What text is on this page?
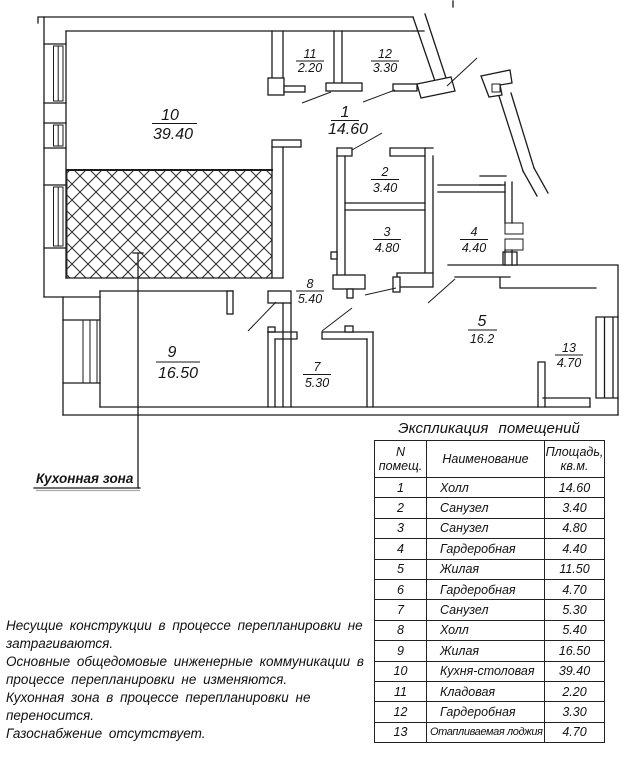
Кухонная зона
10
39.40
11
2.20
12
3.30
1
14.60
2
3.40
3
4.80
4
4.40
8
5.40
5
16.2
13
4.70
9
16.50	7
5.30
Экспликация помещений
N помещ.	Наименование	Площадь, кв.м.
1	Холл	14.60
2	Санузел	3.40
3	Санузел	4.80
4	Гардеробная	4.40
5	Жилая	11.50
6	Гардеробная	4.70
7	Санузел	5.30
8	Холл	5.40
9	Жилая	16.50
10	Кухня-столовая	39.40
11	Кладовая	2.20
12	Гардеробная	3.30
13	Отапливаемая лоджия	4.70

Несущие конструкции в процессе перепланировки не затрагиваются.

Основные общедомовые инженерные коммуникации в процессе перепланировки не изменяются.

Кухонная зона в процессе перепланировки не переносится.

Газоснабжение отсутствует.
